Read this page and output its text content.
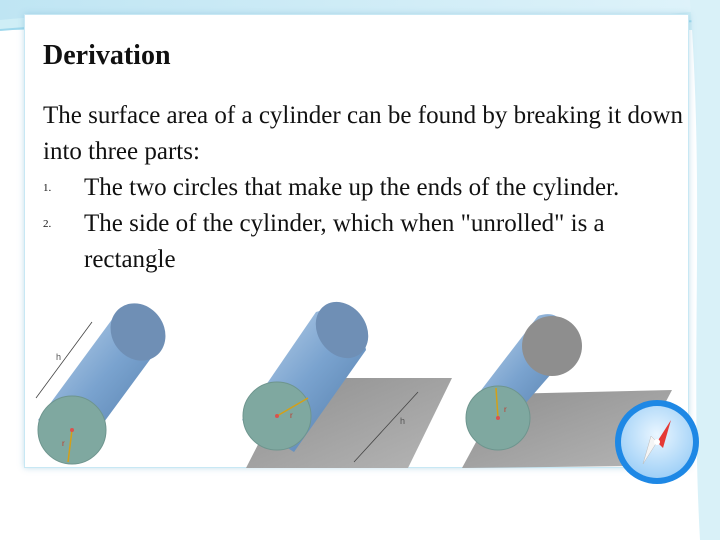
Derivation
The surface area of a cylinder can be found by breaking it down into three parts:
1. The two circles that make up the ends of the cylinder.
2. The side of the cylinder, which when "unrolled" is a rectangle
r
h
r
h
r
